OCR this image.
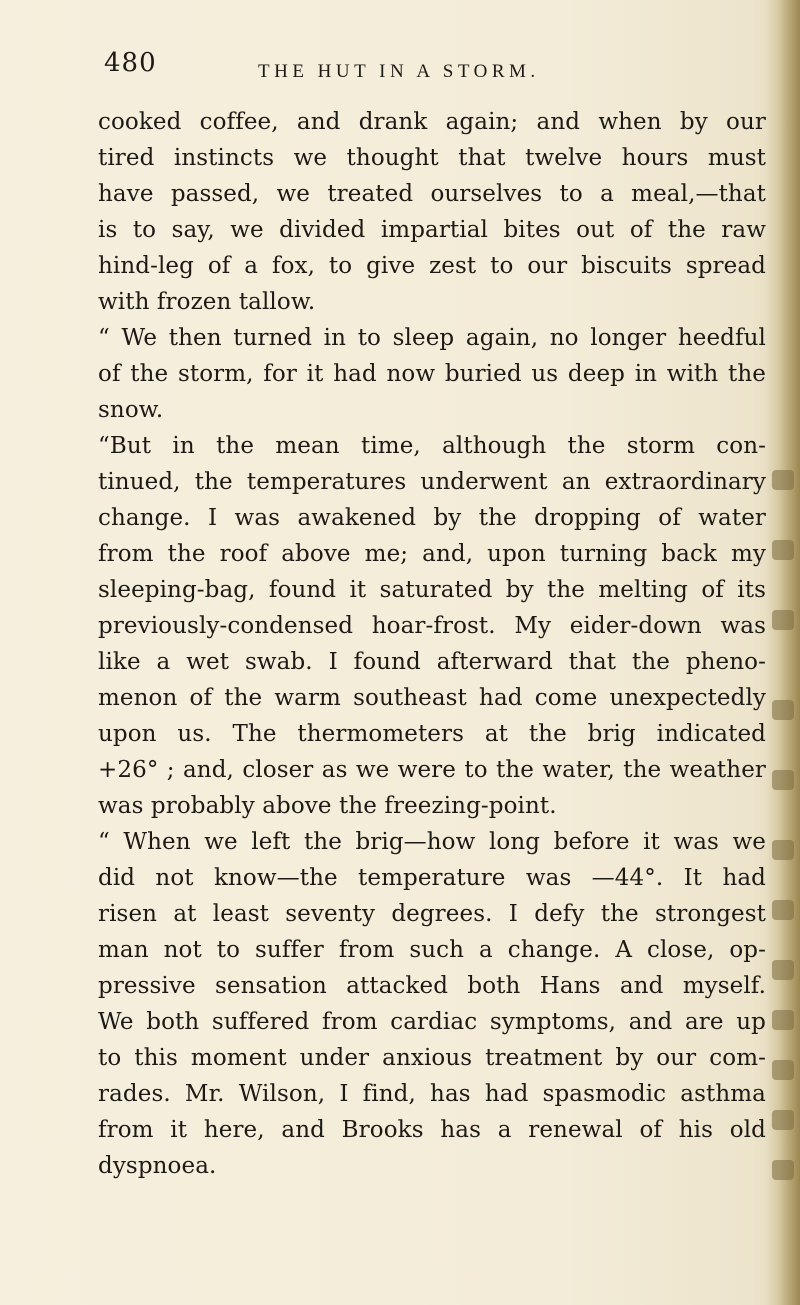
480	THE HUT IN A STORM.
cooked coffee, and drank again; and when by our
tired instincts we thought that twelve hours must
have passed, we treated ourselves to a meal,—that
is to say, we divided impartial bites out of the raw
hind-leg of a fox, to give zest to our biscuits spread
with frozen tallow.
“ We then turned in to sleep again, no longer heedful
of the storm, for it had now buried us deep in with the
snow.
“But in the mean time, although the storm con-
tinued, the temperatures underwent an extraordinary
change. I was awakened by the dropping of water
from the roof above me; and, upon turning back my
sleeping-bag, found it saturated by the melting of its
previously-condensed hoar-frost. My eider-down was
like a wet swab. I found afterward that the pheno-
menon of the warm southeast had come unexpectedly
upon us. The thermometers at the brig indicated
+26° ; and, closer as we were to the water, the weather
was probably above the freezing-point.
“ When we left the brig—how long before it was we
did not know—the temperature was —44°. It had
risen at least seventy degrees. I defy the strongest
man not to suffer from such a change. A close, op-
pressive sensation attacked both Hans and myself.
We both suffered from cardiac symptoms, and are up
to this moment under anxious treatment by our com-
rades. Mr. Wilson, I find, has had spasmodic asthma
from it here, and Brooks has a renewal of his old
dyspnoea.
